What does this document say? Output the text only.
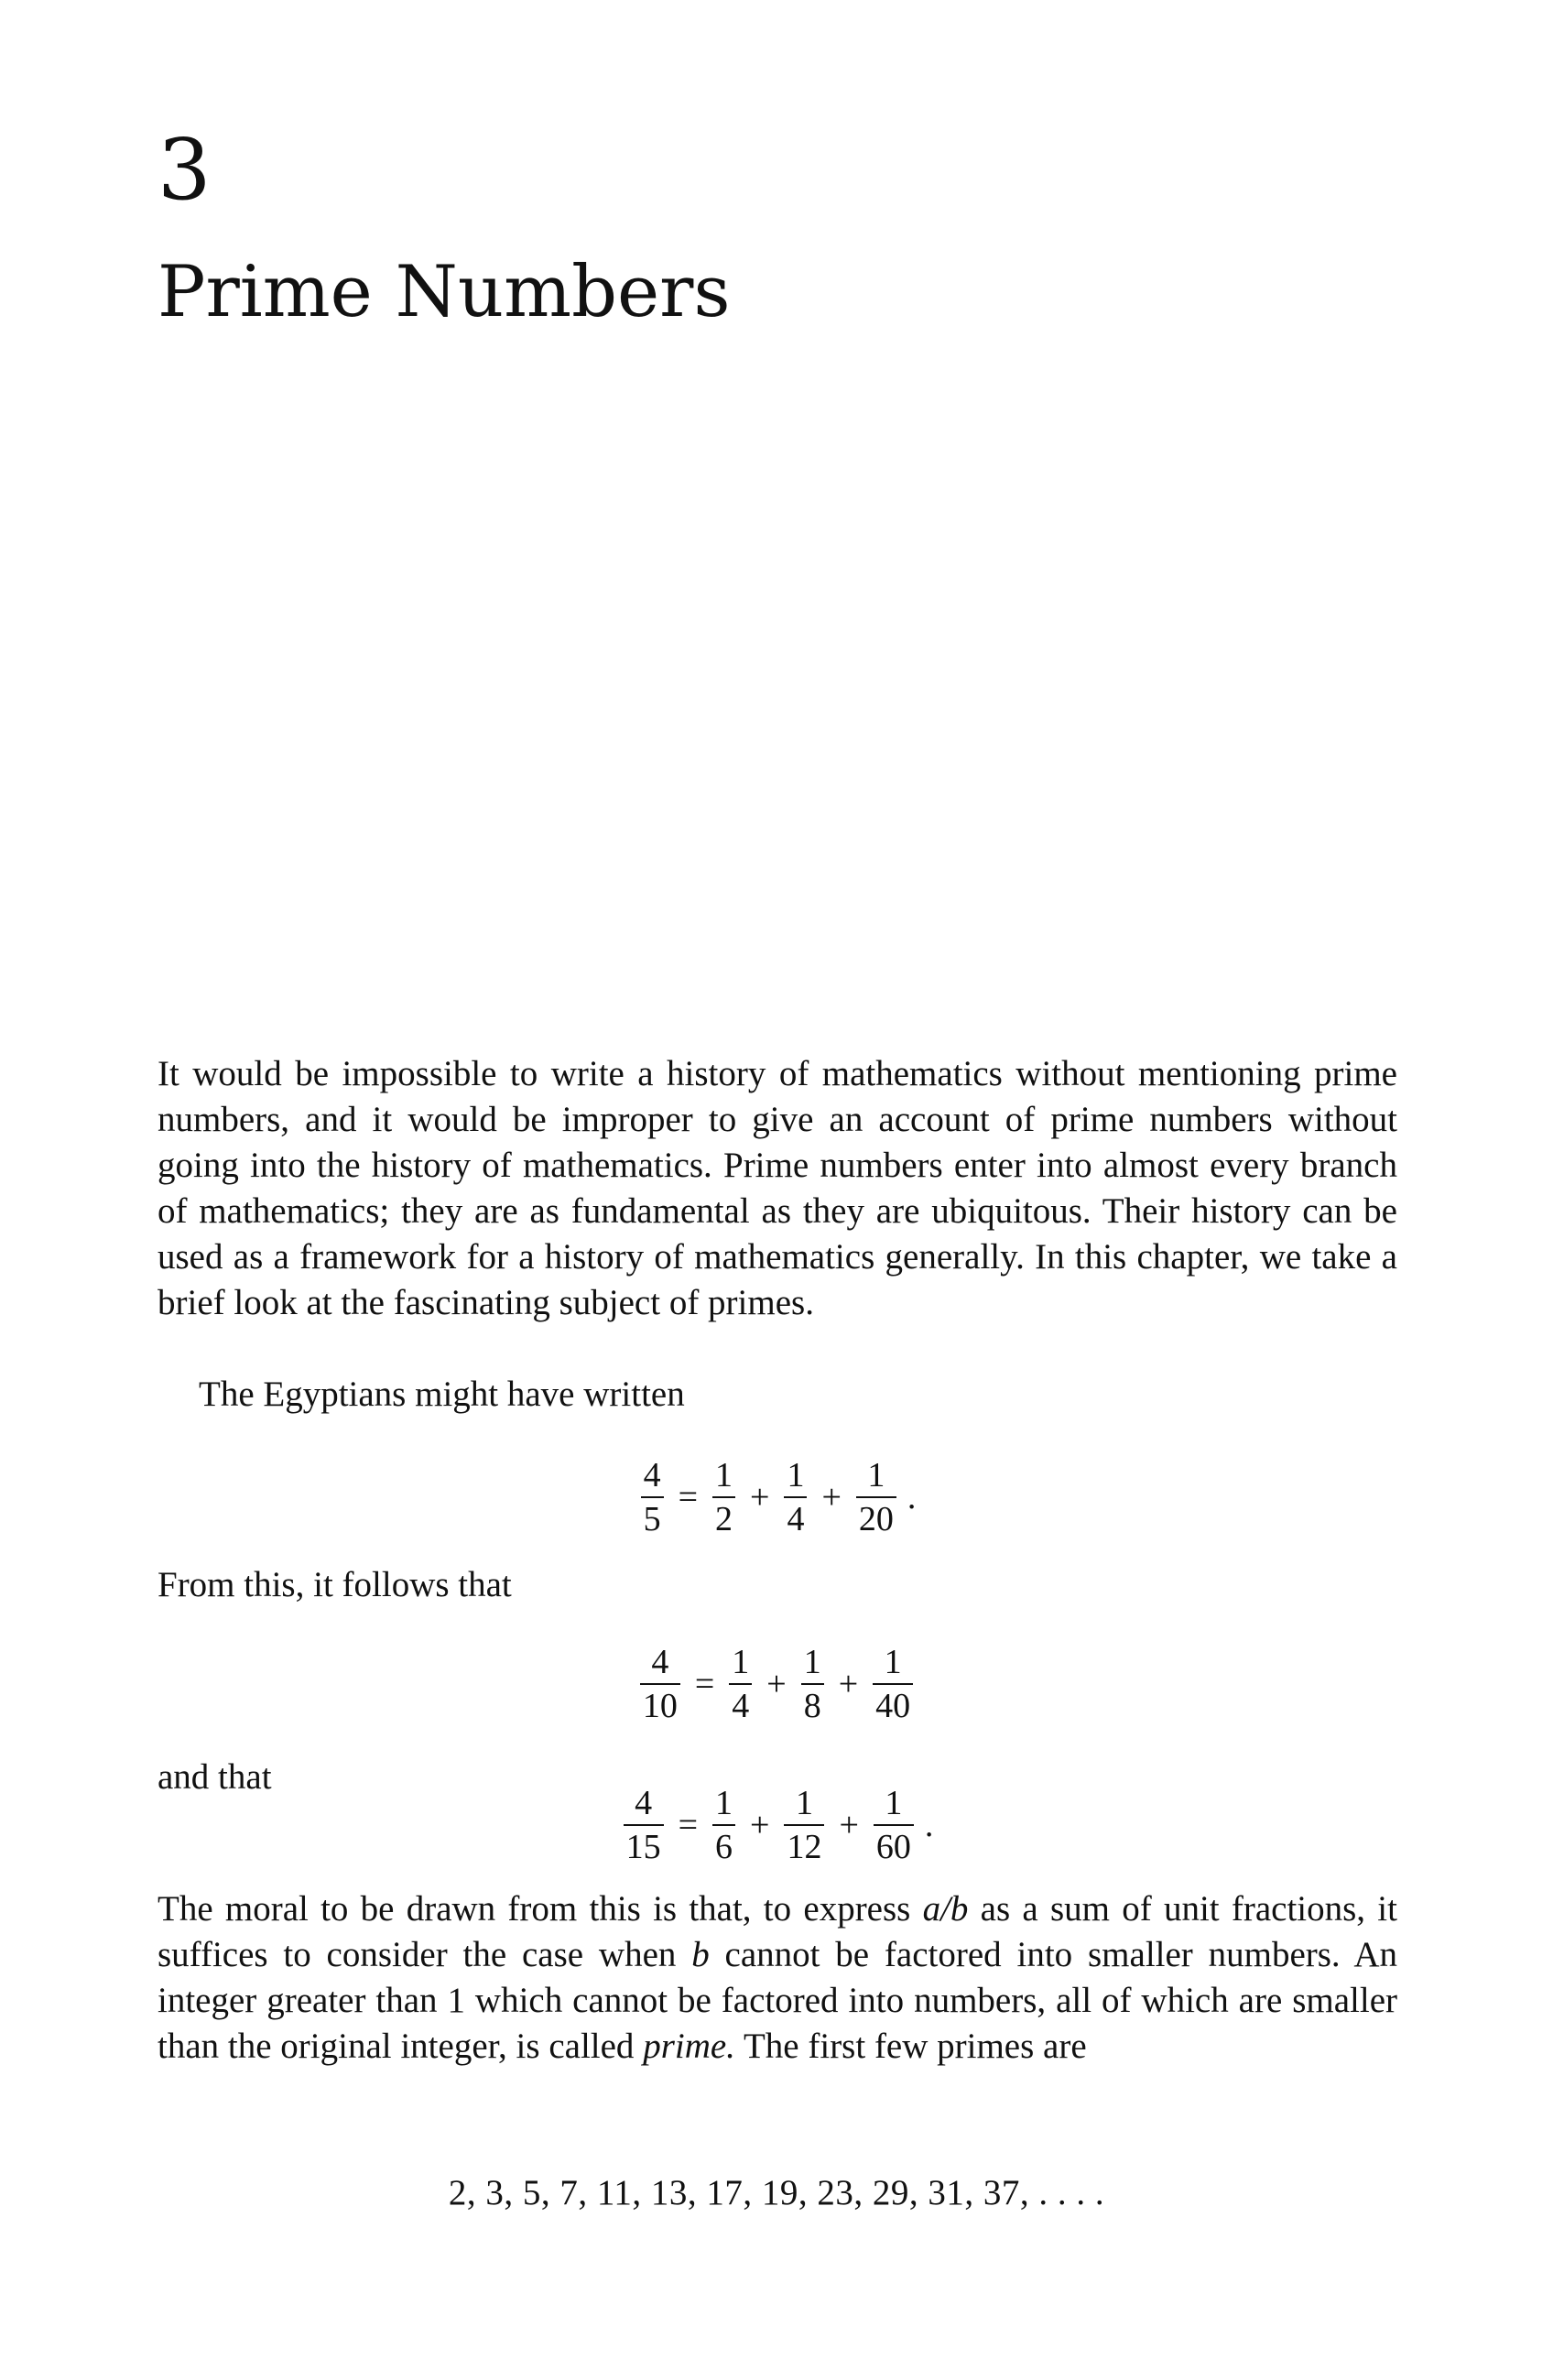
3
Prime Numbers
It would be impossible to write a history of mathematics without mentioning prime numbers, and it would be improper to give an account of prime numbers without going into the history of mathematics. Prime numbers enter into almost every branch of mathematics; they are as fundamental as they are ubiquitous. Their history can be used as a framework for a history of mathematics generally. In this chapter, we take a brief look at the fascinating subject of primes.
The Egyptians might have written
$\frac{4}{5} = \frac{1}{2} + \frac{1}{4} + \frac{1}{20}$ .
From this, it follows that
$\frac{4}{10} = \frac{1}{4} + \frac{1}{8} + \frac{1}{40}$
and that
$\frac{4}{15} = \frac{1}{6} + \frac{1}{12} + \frac{1}{60}$ .
The moral to be drawn from this is that, to express a/b as a sum of unit fractions, it suffices to consider the case when b cannot be factored into smaller numbers. An integer greater than 1 which cannot be factored into numbers, all of which are smaller than the original integer, is called prime. The first few primes are
2, 3, 5, 7, 11, 13, 17, 19, 23, 29, 31, 37, . . . .
